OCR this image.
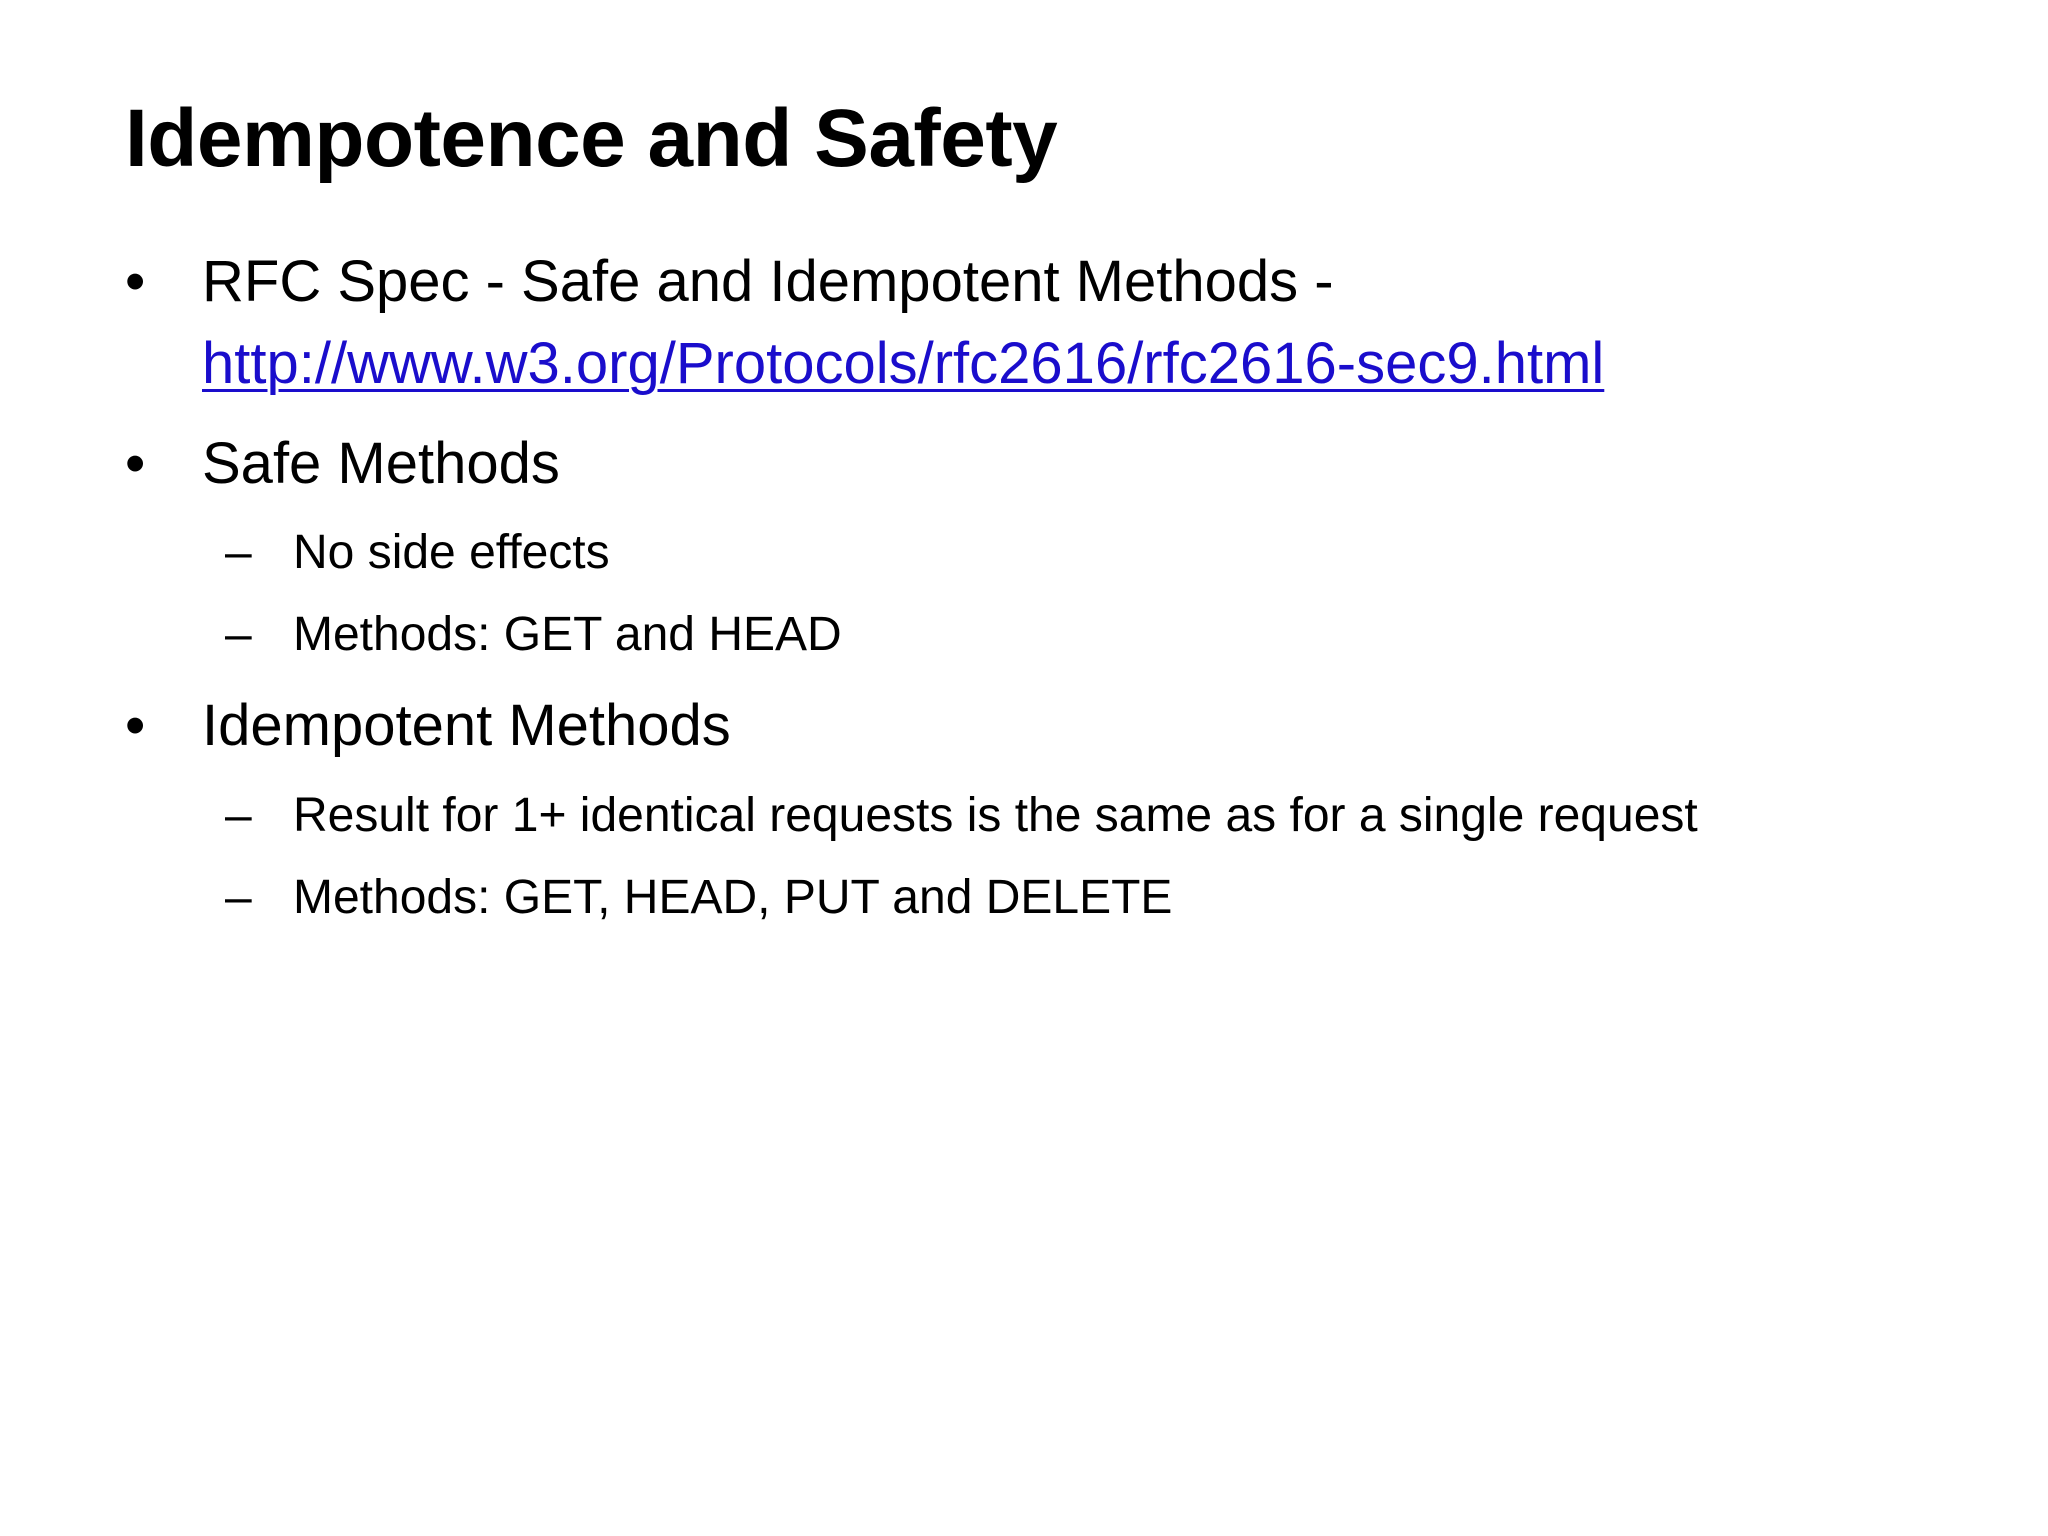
Idempotence and Safety
• RFC Spec - Safe and Idempotent Methods -
http://www.w3.org/Protocols/rfc2616/rfc2616-sec9.html
• Safe Methods
– No side effects
– Methods: GET and HEAD
• Idempotent Methods
– Result for 1+ identical requests is the same as for a single request
– Methods: GET, HEAD, PUT and DELETE
